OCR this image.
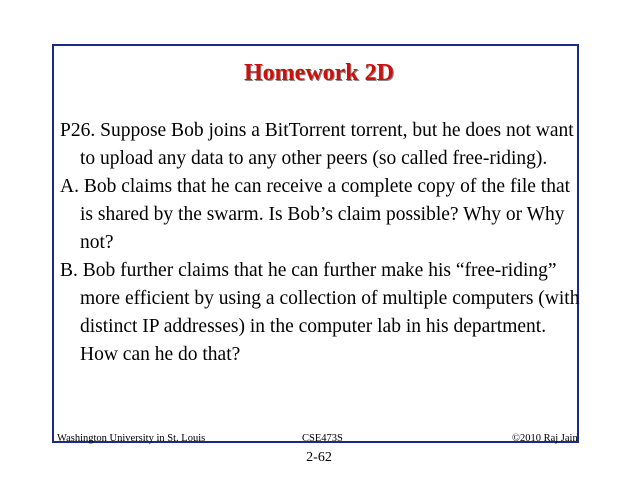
Homework 2D

P26. Suppose Bob joins a BitTorrent torrent, but he does not want to upload any data to any other peers (so called free-riding).

A. Bob claims that he can receive a complete copy of the file that is shared by the swarm. Is Bob’s claim possible? Why or Why not?

B. Bob further claims that he can further make his “free-riding” more efficient by using a collection of multiple computers (with distinct IP addresses) in the computer lab in his department. How can he do that?

Washington University in St. Louis	CSE473S	©2010 Raj Jain
2-62
